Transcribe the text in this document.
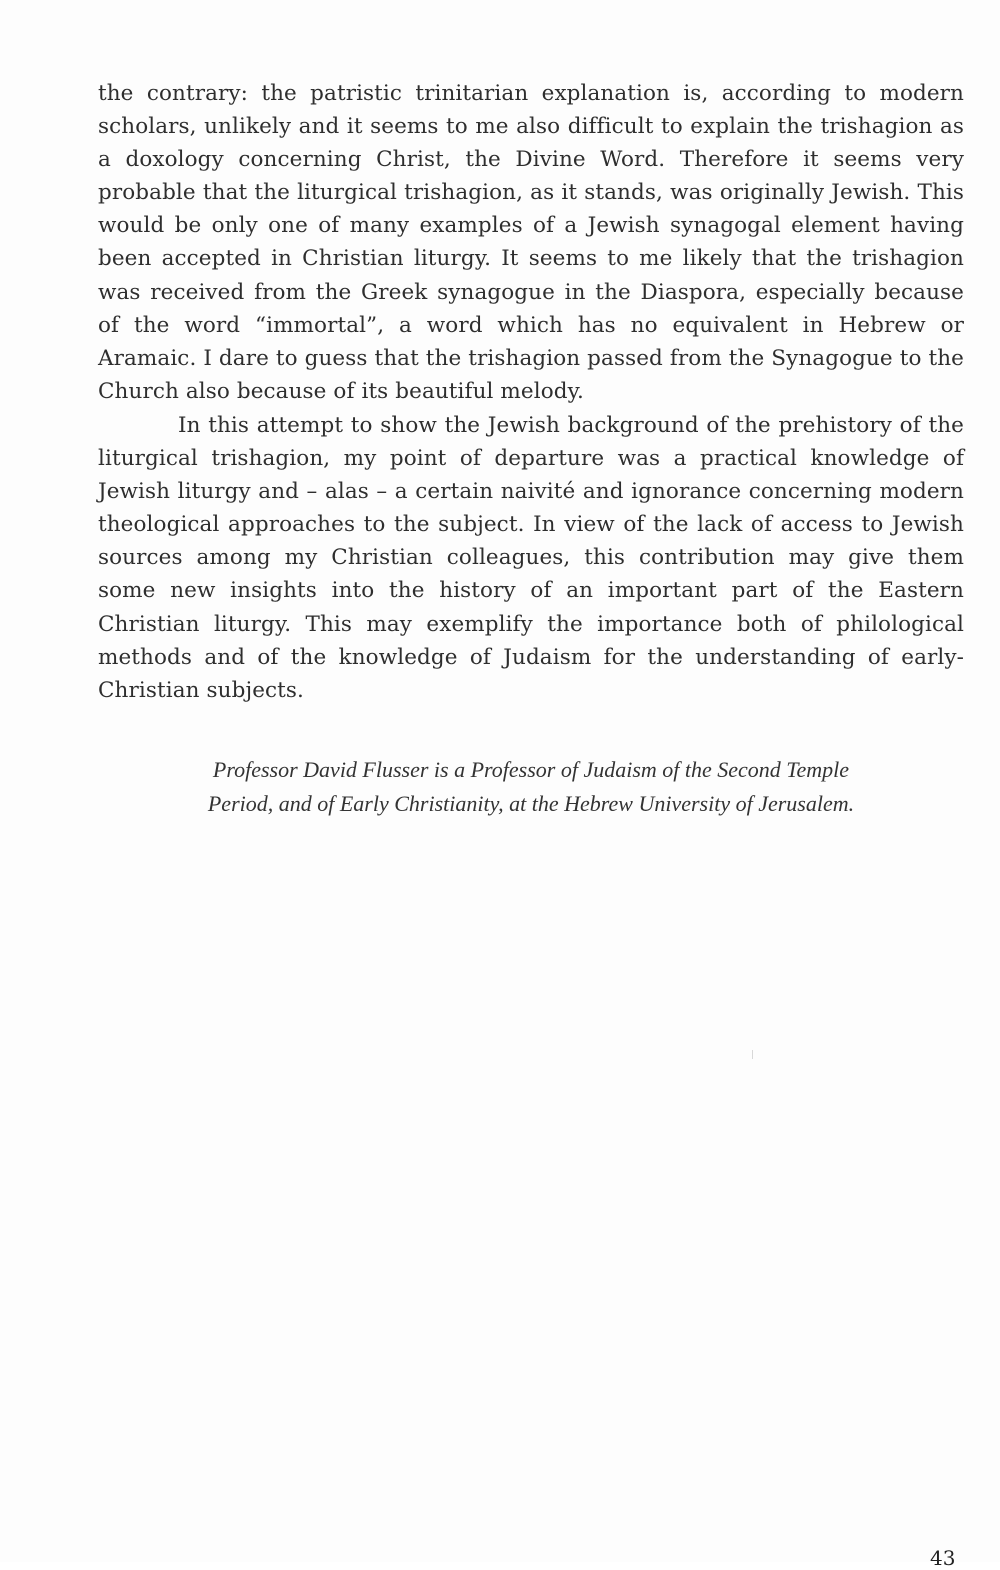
the contrary: the patristic trinitarian explanation is, according to modern scholars, unlikely and it seems to me also difficult to explain the trishagion as a doxology concerning Christ, the Divine Word. Therefore it seems very probable that the liturgical trishagion, as it stands, was originally Jewish. This would be only one of many examples of a Jewish synagogal element having been accepted in Christian liturgy. It seems to me likely that the trishagion was received from the Greek synagogue in the Diaspora, especially because of the word “immortal”, a word which has no equivalent in Hebrew or Aramaic. I dare to guess that the trishagion passed from the Synagogue to the Church also because of its beautiful melody.

In this attempt to show the Jewish background of the prehistory of the liturgical trishagion, my point of departure was a practical knowledge of Jewish liturgy and – alas – a certain naivité and ignorance concerning modern theological approaches to the subject. In view of the lack of access to Jewish sources among my Christian colleagues, this contribution may give them some new insights into the history of an important part of the Eastern Christian liturgy. This may exemplify the importance both of philological methods and of the knowledge of Judaism for the understanding of early-Christian subjects.

Professor David Flusser is a Professor of Judaism of the Second Temple
Period, and of Early Christianity, at the Hebrew University of Jerusalem.
43
